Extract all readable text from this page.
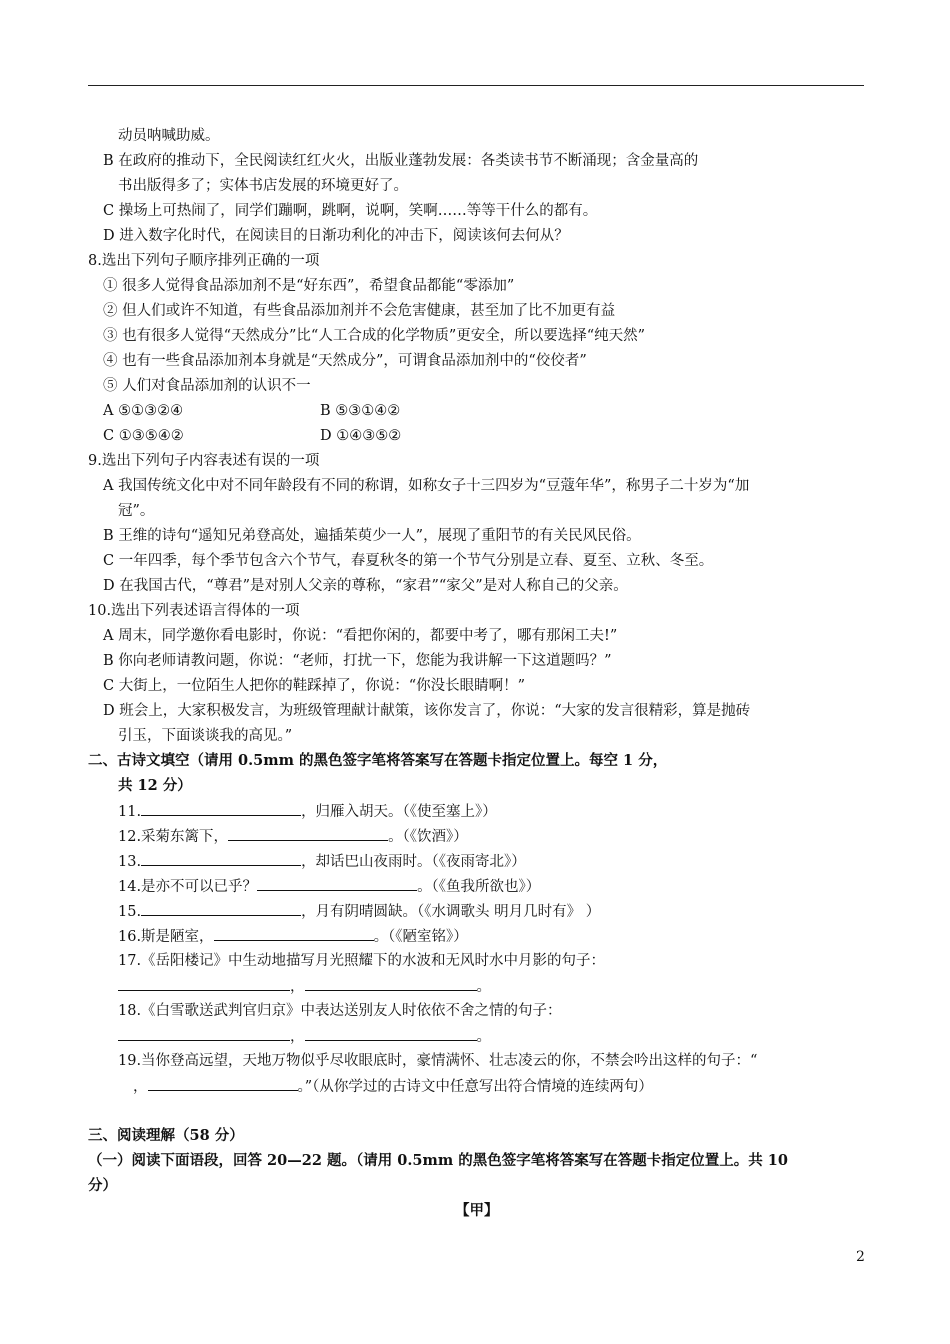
动员呐喊助威。
B 在政府的推动下，全民阅读红红火火，出版业蓬勃发展：各类读书节不断涌现；含金量高的
书出版得多了；实体书店发展的环境更好了。
C 操场上可热闹了，同学们蹦啊，跳啊，说啊，笑啊……等等干什么的都有。
D 进入数字化时代，在阅读目的日渐功利化的冲击下，阅读该何去何从？
8.选出下列句子顺序排列正确的一项
① 很多人觉得食品添加剂不是“好东西”，希望食品都能“零添加”
② 但人们或许不知道，有些食品添加剂并不会危害健康，甚至加了比不加更有益
③ 也有很多人觉得“天然成分”比“人工合成的化学物质”更安全，所以要选择“纯天然”
④ 也有一些食品添加剂本身就是“天然成分”，可谓食品添加剂中的“佼佼者”
⑤ 人们对食品添加剂的认识不一
A ⑤①③②④	B ⑤③①④②
C ①③⑤④②	D ①④③⑤②
9.选出下列句子内容表述有误的一项
A 我国传统文化中对不同年龄段有不同的称谓，如称女子十三四岁为“豆蔻年华”，称男子二十岁为“加
冠”。
B 王维的诗句“遥知兄弟登高处，遍插茱萸少一人”，展现了重阳节的有关民风民俗。
C 一年四季，每个季节包含六个节气，春夏秋冬的第一个节气分别是立春、夏至、立秋、冬至。
D 在我国古代，“尊君”是对别人父亲的尊称，“家君”“家父”是对人称自己的父亲。
10.选出下列表述语言得体的一项
A 周末，同学邀你看电影时，你说：“看把你闲的，都要中考了，哪有那闲工夫!”
B 你向老师请教问题，你说：“老师，打扰一下，您能为我讲解一下这道题吗？”
C 大街上，一位陌生人把你的鞋踩掉了，你说：“你没长眼睛啊！”
D 班会上，大家积极发言，为班级管理献计献策，该你发言了，你说：“大家的发言很精彩，算是抛砖
引玉，下面谈谈我的高见。”
二、古诗文填空（请用 0.5mm 的黑色签字笔将答案写在答题卡指定位置上。每空 1 分，
共 12 分）
11.	，归雁入胡天。（《使至塞上》）
12.采菊东篱下，	。（《饮酒》）
13.	，却话巴山夜雨时。（《夜雨寄北》）
14.是亦不可以已乎？	。（《鱼我所欲也》）
15.	，月有阴晴圆缺。（《水调歌头 明月几时有》 ）
16.斯是陋室，	。（《陋室铭》）
17.《岳阳楼记》中生动地描写月光照耀下的水波和无风时水中月影的句子：
，	。
18.《白雪歌送武判官归京》中表达送别友人时依依不舍之情的句子：
，	。
19.当你登高远望，天地万物似乎尽收眼底时，豪情满怀、壮志凌云的你，不禁会吟出这样的句子：“
，	。”（从你学过的古诗文中任意写出符合情境的连续两句）
三、阅读理解（58 分）
（一）阅读下面语段，回答 20—22 题。（请用 0.5mm 的黑色签字笔将答案写在答题卡指定位置上。共 10
分）
【甲】
2
